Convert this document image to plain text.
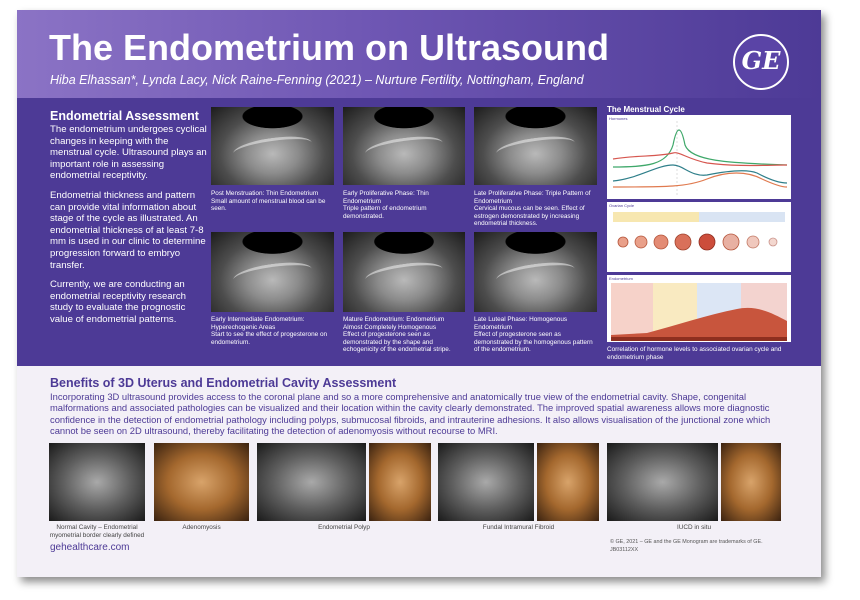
The Endometrium on Ultrasound
Hiba Elhassan*, Lynda Lacy, Nick Raine-Fenning (2021) – Nurture Fertility, Nottingham, England
GE
Endometrial Assessment

The endometrium undergoes cyclical changes in keeping with the menstrual cycle. Ultrasound plays an important role in assessing endometrial receptivity.

Endometrial thickness and pattern can provide vital information about stage of the cycle as illustrated. An endometrial thickness of at least 7-8 mm is used in our clinic to determine progression forward to embryo transfer.

Currently, we are conducting an endometrial receptivity research study to evaluate the prognostic value of endometrial patterns.

Post Menstruation: Thin Endometrium
Small amount of menstrual blood can be seen.
Early Proliferative Phase: Thin Endometrium
Triple pattern of endometrium demonstrated.
Late Proliferative Phase: Triple Pattern of Endometrium
Cervical mucous can be seen. Effect of estrogen demonstrated by increasing endometrial thickness.
Early Intermediate Endometrium: Hyperechogenic Areas
Start to see the effect of progesterone on endometrium.
Mature Endometrium: Endometrium Almost Completely Homogenous
Effect of progesterone seen as demonstrated by the shape and echogenicity of the endometrial stripe.
Late Luteal Phase: Homogenous Endometrium
Effect of progesterone seen as demonstrated by the homogenous pattern of the endometrium.
The Menstrual Cycle
Hormones
Ovarian Cycle
Endometrium
Correlation of hormone levels to associated ovarian cycle and endometrium phase
Benefits of 3D Uterus and Endometrial Cavity Assessment
Incorporating 3D ultrasound provides access to the coronal plane and so a more comprehensive and anatomically true view of the endometrial cavity. Shape, congenital malformations and associated pathologies can be visualized and their location within the cavity clearly demonstrated. The improved spatial awareness allows more diagnostic confidence in the detection of endometrial pathology including polyps, submucosal fibroids, and intrauterine adhesions. It also allows visualisation of the junctional zone which cannot be seen on 2D ultrasound, thereby facilitating the detection of adenomyosis without recourse to MRI.
Normal Cavity – Endometrial myometrial border clearly defined
Adenomyosis	Endometrial Polyp	Fundal Intramural Fibroid	IUCD in situ
gehealthcare.com	© GE, 2021 – GE and the GE Monogram are trademarks of GE.
JB03112XX
